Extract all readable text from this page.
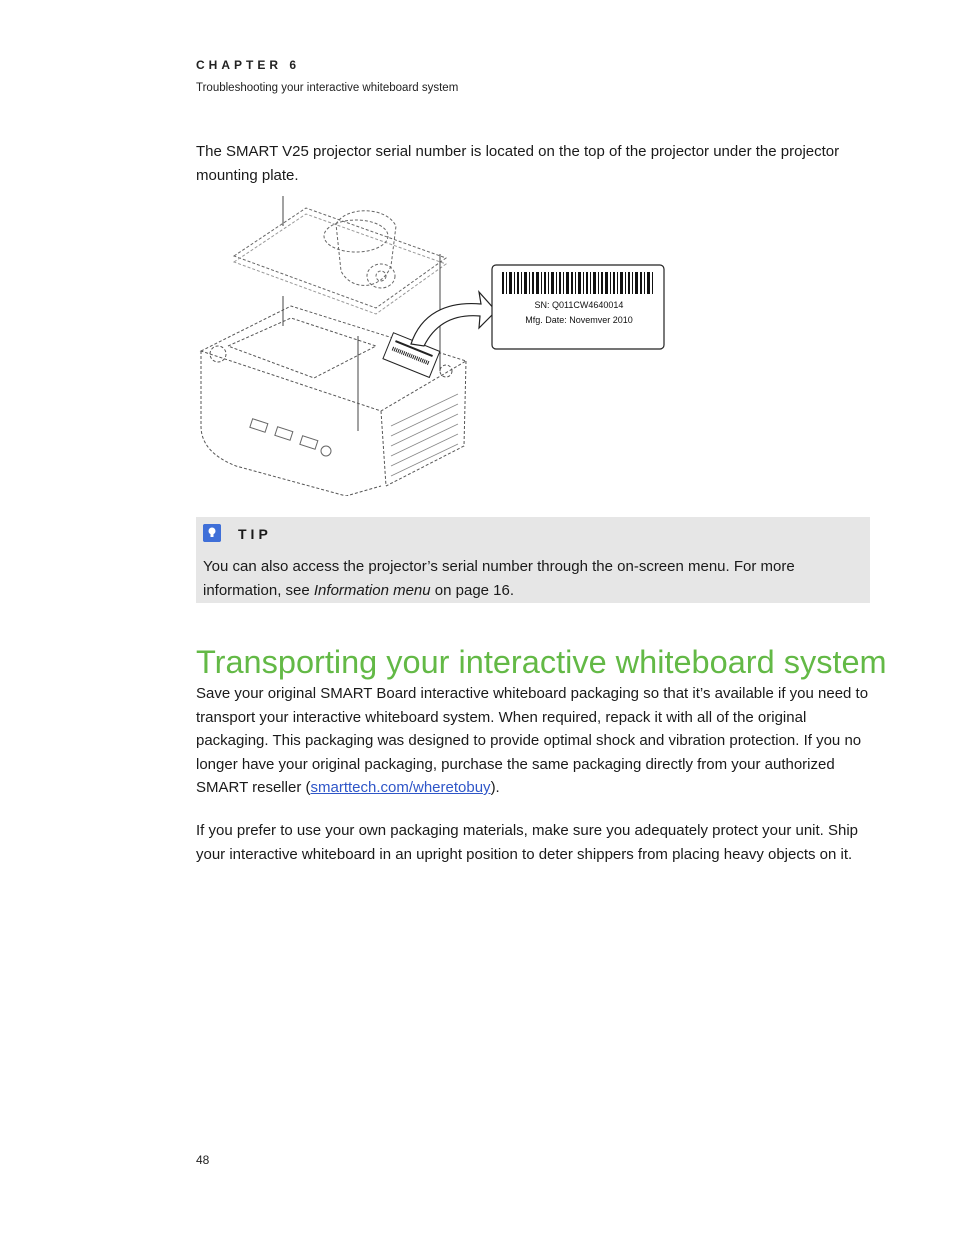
CHAPTER 6
Troubleshooting your interactive whiteboard system

The SMART V25 projector serial number is located on the top of the projector under the projector mounting plate.

SN: Q011CW4640014
Mfg. Date: Novemver 2010
TIP

You can also access the projector’s serial number through the on-screen menu. For more information, see Information menu on page 16.

Transporting your interactive whiteboard system

Save your original SMART Board interactive whiteboard packaging so that it’s available if you need to transport your interactive whiteboard system. When required, repack it with all of the original packaging. This packaging was designed to provide optimal shock and vibration protection. If you no longer have your original packaging, purchase the same packaging directly from your authorized SMART reseller (smarttech.com/wheretobuy).

If you prefer to use your own packaging materials, make sure you adequately protect your unit. Ship your interactive whiteboard in an upright position to deter shippers from placing heavy objects on it.

48
